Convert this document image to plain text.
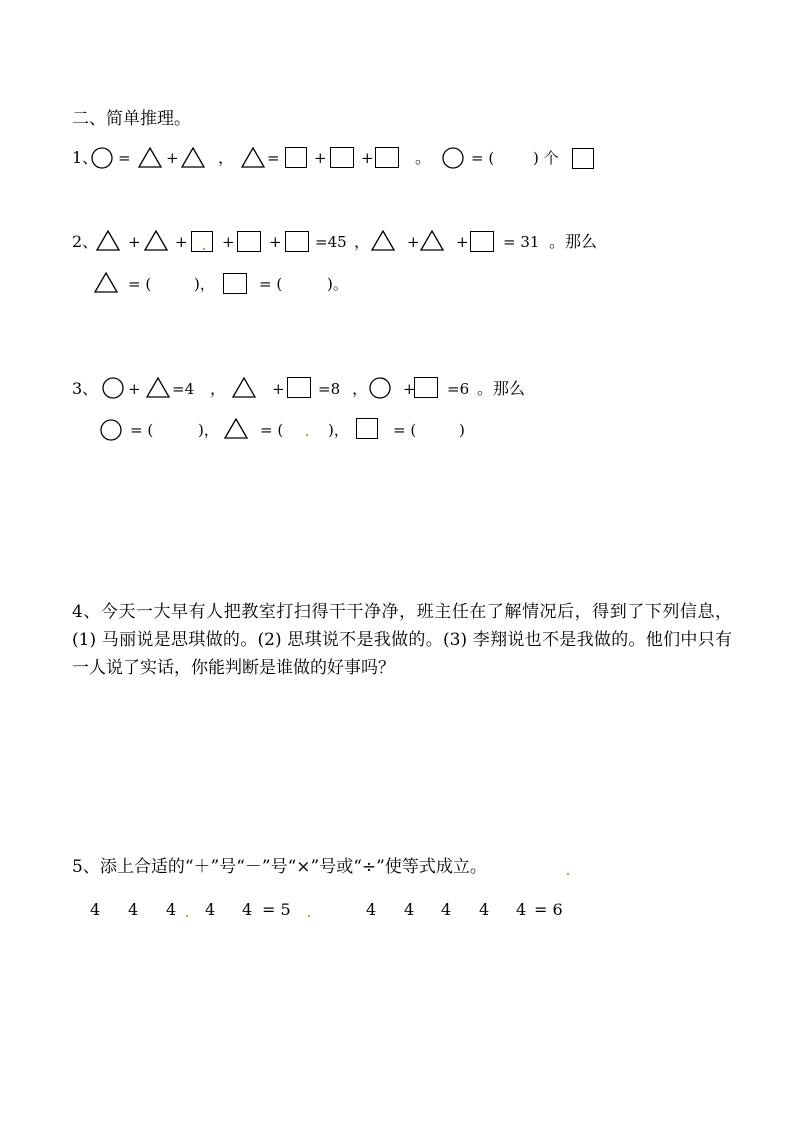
二、简单推理。
1、 = + ， = + +	。	= (	) 个
2、 + + + + =45 ， + + = 31 。那么
= (	)，	= (	)。
3、 + =4 ，	+ =8 ， + =6 。那么
= (	)，	= (	)，	= (	)
4、今天一大早有人把教室打扫得干干净净，班主任在了解情况后，得到了下列信息，(1) 马丽说是思琪做的。(2) 思琪说不是我做的。(3) 李翔说也不是我做的。他们中只有一人说了实话，你能判断是谁做的好事吗？
5、添上合适的“＋”号“－”号“×”号或“÷”使等式成立。
4 4 4 4 4 = 5	4 4 4 4 4 = 6
